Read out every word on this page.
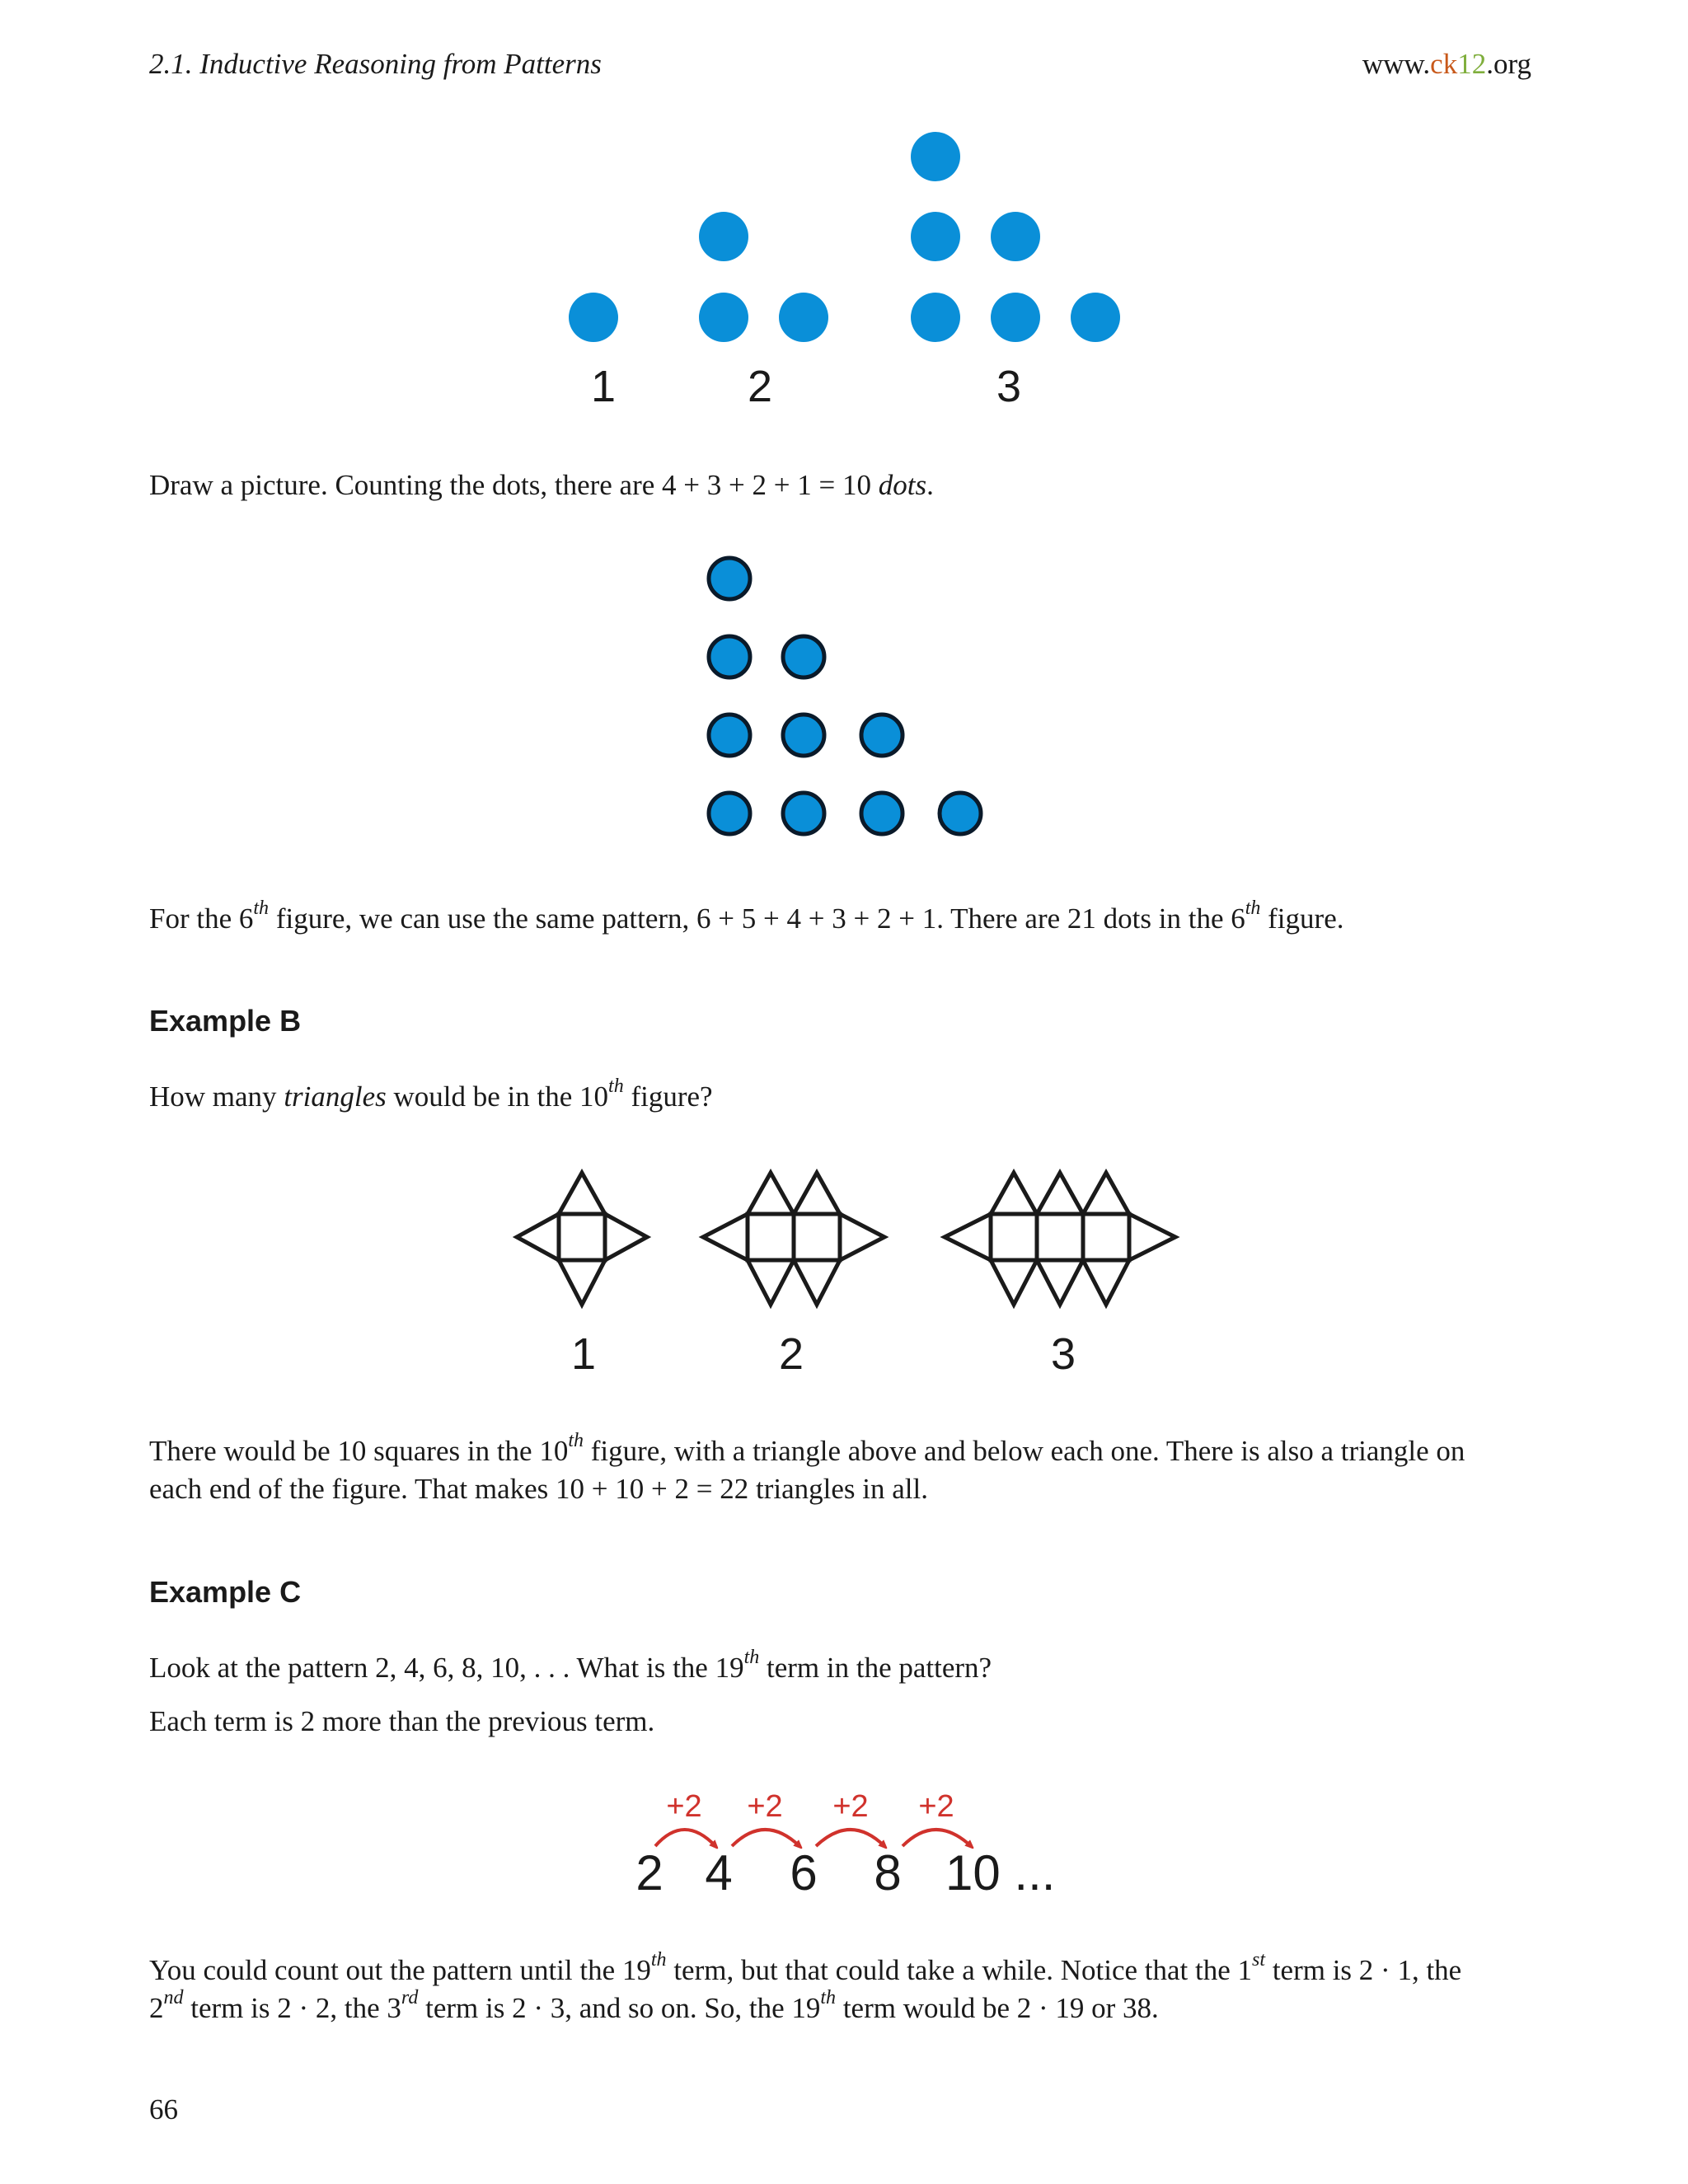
2.1. Inductive Reasoning from Patterns	www.ck12.org
1	2	3
Draw a picture. Counting the dots, there are 4 + 3 + 2 + 1 = 10 dots.
For the 6th figure, we can use the same pattern, 6 + 5 + 4 + 3 + 2 + 1. There are 21 dots in the 6th figure.
Example B
How many triangles would be in the 10th figure?
1	2	3
There would be 10 squares in the 10th figure, with a triangle above and below each one. There is also a triangle on
each end of the figure. That makes 10 + 10 + 2 = 22 triangles in all.
Example C
Look at the pattern 2, 4, 6, 8, 10, . . . What is the 19th term in the pattern?
Each term is 2 more than the previous term.
+2 +2 +2 +2
2 4 6 8 10 ...
You could count out the pattern until the 19th term, but that could take a while. Notice that the 1st term is 2 · 1, the
2nd term is 2 · 2, the 3rd term is 2 · 3, and so on. So, the 19th term would be 2 · 19 or 38.
66
